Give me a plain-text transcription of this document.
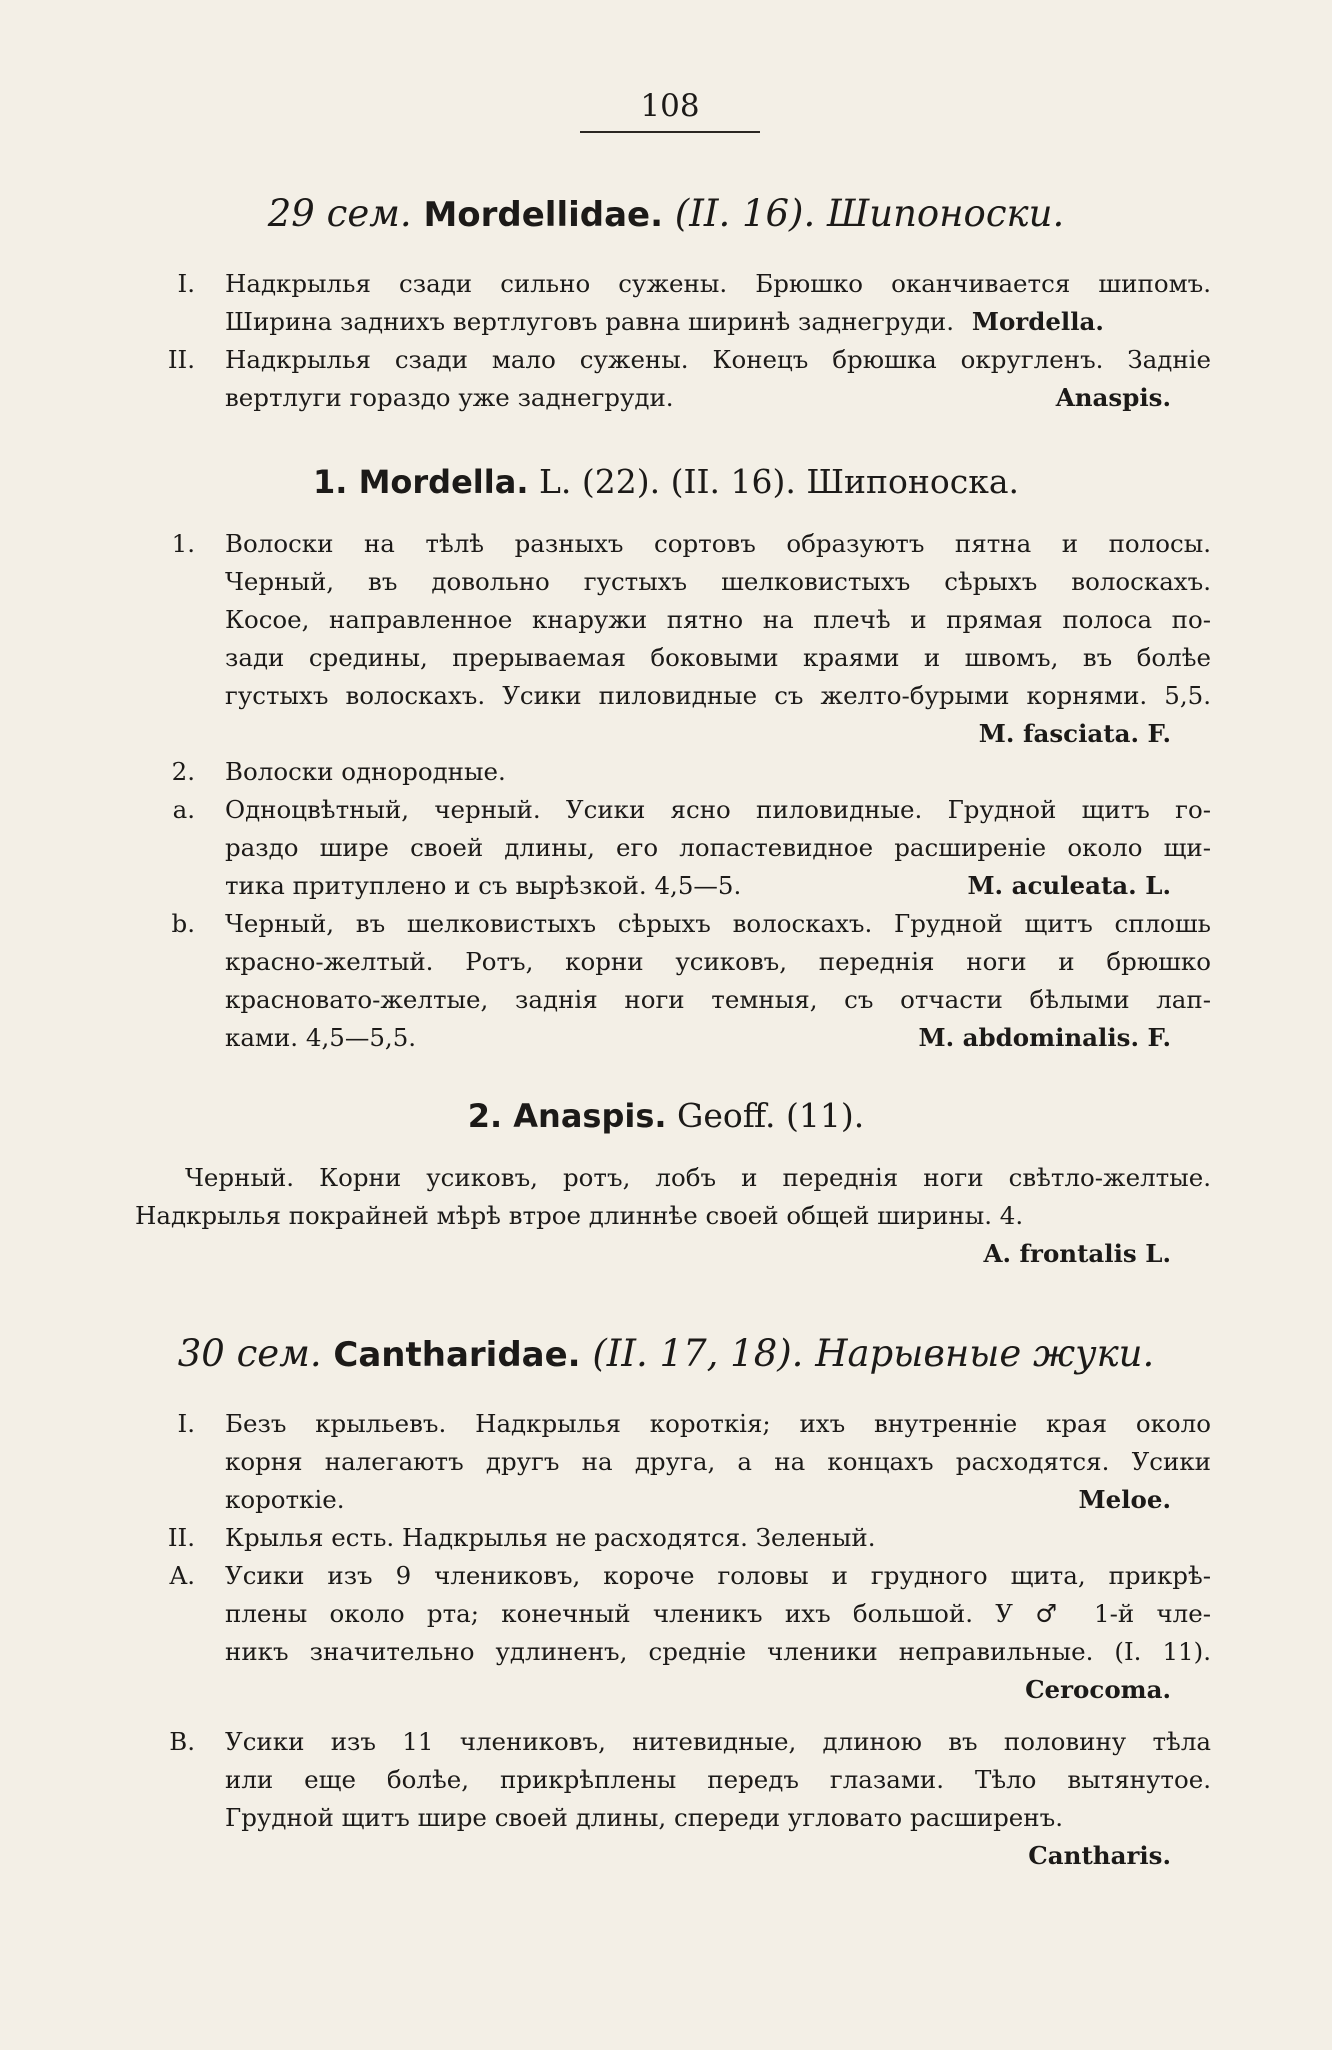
108
29 сем. Mordellidae. (II. 16). Шипоноски.
I. Надкрылья сзади сильно сужены. Брюшко оканчивается шипомъ.
Ширина заднихъ вертлуговъ равна ширинѣ заднегруди. Mordella.
II. Надкрылья сзади мало сужены. Конецъ брюшка округленъ. Задніе
вертлуги гораздо уже заднегруди.	Anaspis.
1. Mordella. L. (22). (II. 16). Шипоноска.
1. Волоски на тѣлѣ разныхъ сортовъ образуютъ пятна и полосы.
Черный, въ довольно густыхъ шелковистыхъ сѣрыхъ волоскахъ.
Косое, направленное кнаружи пятно на плечѣ и прямая полоса по-
зади средины, прерываемая боковыми краями и швомъ, въ болѣе
густыхъ волоскахъ. Усики пиловидные съ желто-бурыми корнями. 5,5.
M. fasciata. F.
2. Волоски однородные.
a. Одноцвѣтный, черный. Усики ясно пиловидные. Грудной щитъ го-
раздо шире своей длины, его лопастевидное расширеніе около щи-
тика притуплено и съ вырѣзкой. 4,5—5.	M. aculeata. L.
b. Черный, въ шелковистыхъ сѣрыхъ волоскахъ. Грудной щитъ сплошь
красно-желтый. Ротъ, корни усиковъ, переднія ноги и брюшко
красновато-желтые, заднія ноги темныя, съ отчасти бѣлыми лап-
ками. 4,5—5,5.	M. abdominalis. F.
2. Anaspis. Geoff. (11).
Черный. Корни усиковъ, ротъ, лобъ и переднія ноги свѣтло-желтые.
Надкрылья покрайней мѣрѣ втрое длиннѣе своей общей ширины. 4.
A. frontalis L.
30 сем. Cantharidae. (II. 17, 18). Нарывные жуки.
I. Безъ крыльевъ. Надкрылья короткія; ихъ внутренніе края около
корня налегаютъ другъ на друга, а на концахъ расходятся. Усики
короткіе.	Meloe.
II. Крылья есть. Надкрылья не расходятся. Зеленый.
A. Усики изъ 9 члениковъ, короче головы и грудного щита, прикрѣ-
плены около рта; конечный членикъ ихъ большой. У ♂ 1-й чле-
никъ значительно удлиненъ, средніе членики неправильные. (I. 11).
Cerocoma.
B. Усики изъ 11 члениковъ, нитевидные, длиною въ половину тѣла
или еще болѣе, прикрѣплены передъ глазами. Тѣло вытянутое.
Грудной щитъ шире своей длины, спереди угловато расширенъ.
Cantharis.
